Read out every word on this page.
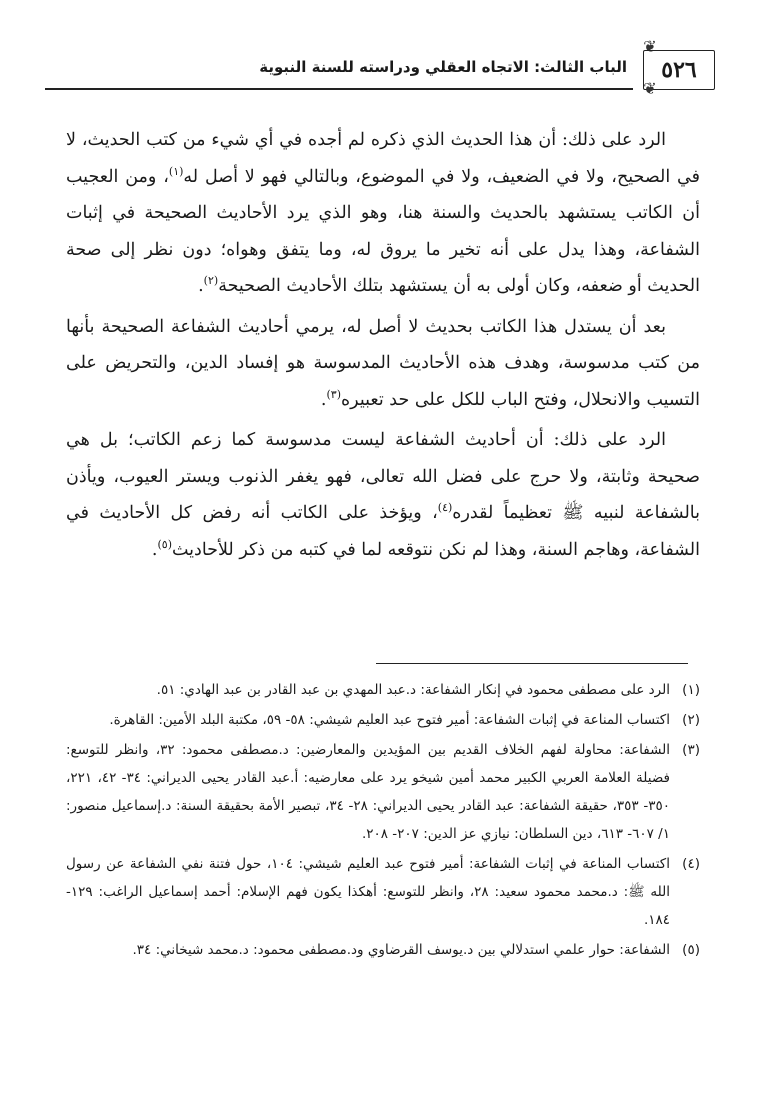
❦
٥٢٦
❦
الباب الثالث: الاتجاه العقلي ودراسته للسنة النبوية

الرد على ذلك: أن هذا الحديث الذي ذكره لم أجده في أي شيء من كتب الحديث، لا في الصحيح، ولا في الضعيف، ولا في الموضوع، وبالتالي فهو لا أصل له$^{(١)}$، ومن العجيب أن الكاتب يستشهد بالحديث والسنة هنا، وهو الذي يرد الأحاديث الصحيحة في إثبات الشفاعة، وهذا يدل على أنه تخير ما يروق له، وما يتفق وهواه؛ دون نظر إلى صحة الحديث أو ضعفه، وكان أولى به أن يستشهد بتلك الأحاديث الصحيحة$^{(٢)}$.

بعد أن يستدل هذا الكاتب بحديث لا أصل له، يرمي أحاديث الشفاعة الصحيحة بأنها من كتب مدسوسة، وهدف هذه الأحاديث المدسوسة هو إفساد الدين، والتحريض على التسيب والانحلال، وفتح الباب للكل على حد تعبيره$^{(٣)}$.

الرد على ذلك: أن أحاديث الشفاعة ليست مدسوسة كما زعم الكاتب؛ بل هي صحيحة وثابتة، ولا حرج على فضل الله تعالى، فهو يغفر الذنوب ويستر العيوب، ويأذن بالشفاعة لنبيه ﷺ تعظيماً لقدره$^{(٤)}$، ويؤخذ على الكاتب أنه رفض كل الأحاديث في الشفاعة، وهاجم السنة، وهذا لم نكن نتوقعه لما في كتبه من ذكر للأحاديث$^{(٥)}$.

(١)
الرد على مصطفى محمود في إنكار الشفاعة: د.عبد المهدي بن عبد القادر بن عبد الهادي: ٥١.
(٢)
اكتساب المناعة في إثبات الشفاعة: أمير فتوح عبد العليم شيشي: ٥٨- ٥٩، مكتبة البلد الأمين: القاهرة.
(٣)
الشفاعة: محاولة لفهم الخلاف القديم بين المؤيدين والمعارضين: د.مصطفى محمود: ٣٢، وانظر للتوسع: فضيلة العلامة العربي الكبير محمد أمين شيخو يرد على معارضيه: أ.عبد القادر يحيى الديراني: ٣٤- ٤٢، ٢٢١، ٣٥٠- ٣٥٣، حقيقة الشفاعة: عبد القادر يحيى الديراني: ٢٨- ٣٤، تبصير الأمة بحقيقة السنة: د.إسماعيل منصور: ١/ ٦٠٧- ٦١٣، دين السلطان: نيازي عز الدين: ٢٠٧- ٢٠٨.
(٤)
اكتساب المناعة في إثبات الشفاعة: أمير فتوح عبد العليم شيشي: ١٠٤، حول فتنة نفي الشفاعة عن رسول الله ﷺ: د.محمد محمود سعيد: ٢٨، وانظر للتوسع: أهكذا يكون فهم الإسلام: أحمد إسماعيل الراغب: ١٢٩- ١٨٤.
(٥)
الشفاعة: حوار علمي استدلالي بين د.يوسف القرضاوي ود.مصطفى محمود: د.محمد شيخاني: ٣٤.
